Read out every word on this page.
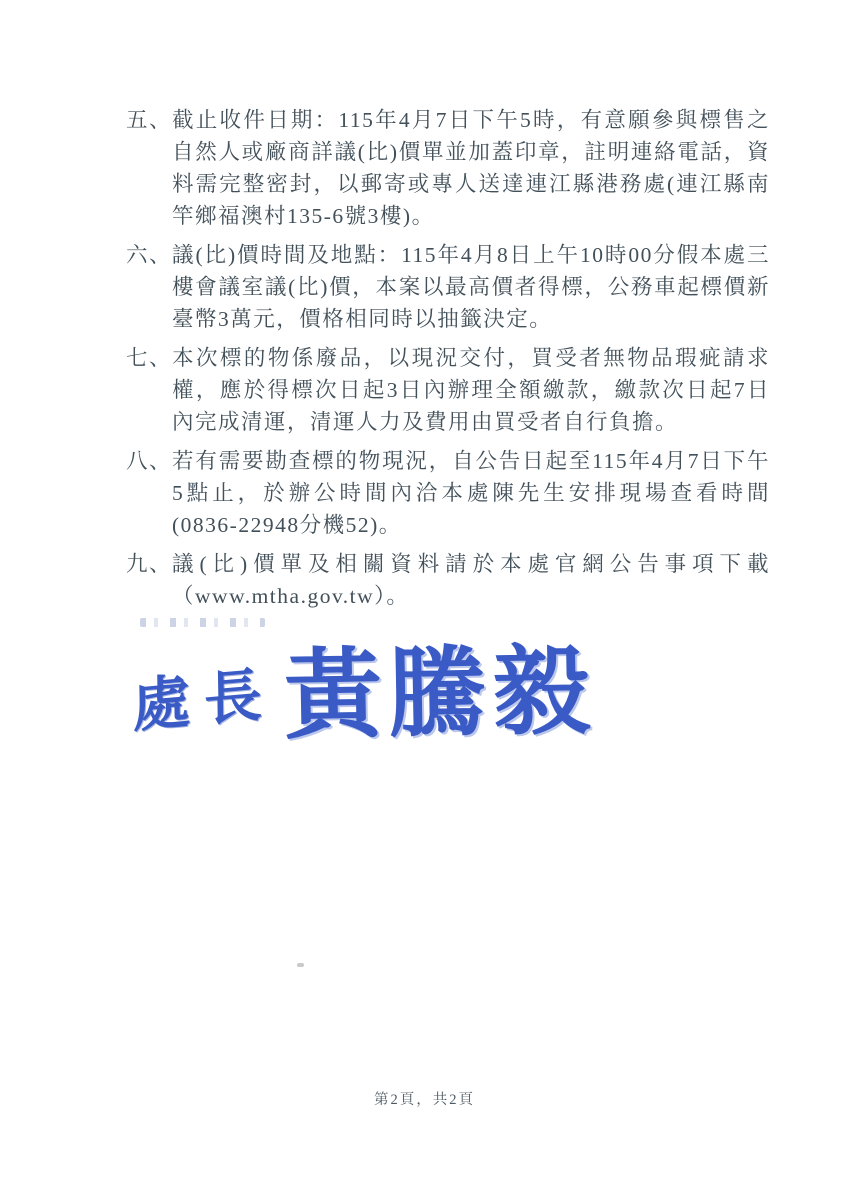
五、 截止收件日期：115年4月7日下午5時，有意願參與標售之自然人或廠商詳議(比)價單並加蓋印章，註明連絡電話，資料需完整密封，以郵寄或專人送達連江縣港務處(連江縣南竿鄉福澳村135-6號3樓)。
六、 議(比)價時間及地點：115年4月8日上午10時00分假本處三樓會議室議(比)價，本案以最高價者得標，公務車起標價新臺幣3萬元，價格相同時以抽籤決定。
七、 本次標的物係廢品，以現況交付，買受者無物品瑕疵請求權，應於得標次日起3日內辦理全額繳款，繳款次日起7日內完成清運，清運人力及費用由買受者自行負擔。
八、 若有需要勘查標的物現況，自公告日起至115年4月7日下午5點止，於辦公時間內洽本處陳先生安排現場查看時間(0836-22948分機52)。
九、 議(比)價單及相關資料請於本處官網公告事項下載（www.mtha.gov.tw）。
處長 黃騰毅
第2頁，共2頁
